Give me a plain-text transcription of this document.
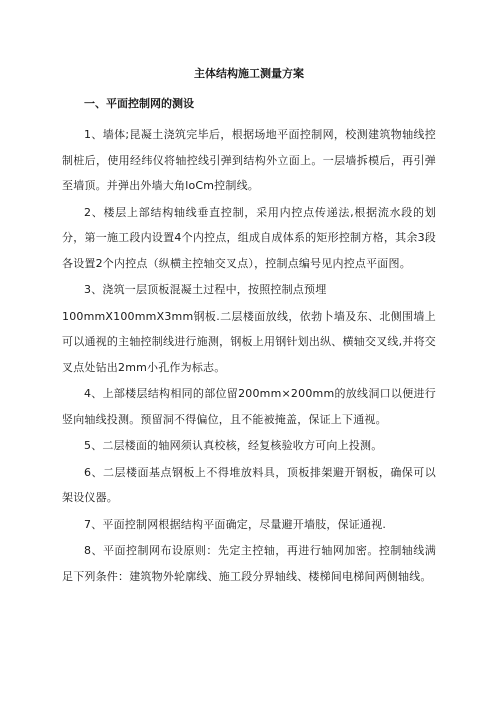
主体结构施工测量方案
一、平面控制网的测设

1、墙体;昆凝土浇筑完毕后，根据场地平面控制网，校测建筑物轴线控制桩后，使用经纬仪将轴控线引弹到结构外立面上。一层墙拆模后，再引弹至墙顶。并弹出外墙大角loCm控制线。

2、楼层上部结构轴线垂直控制，采用内控点传递法,根据流水段的划分，第一施工段内设置4个内控点，组成自成体系的矩形控制方格，其余3段各设置2个内控点（纵横主控轴交叉点），控制点编号见内控点平面图。

3、浇筑一层顶板混凝土过程中，按照控制点预埋

100mmX100mmX3mm钢板.二层楼面放线，依勃卜墙及东、北侧围墙上可以通视的主轴控制线进行施测，钢板上用钢针划出纵、横轴交叉线,并将交叉点处钻出2mm小孔作为标志。

4、上部楼层结构相同的部位留200mm×200mm的放线洞口以便进行竖向轴线投测。预留洞不得偏位，且不能被掩盖，保证上下通视。

5、二层楼面的轴网须认真校核，经复核验收方可向上投测。

6、二层楼面基点钢板上不得堆放料具，顶板排架避开钢板，确保可以架设仪器。

7、平面控制网根据结构平面确定，尽量避开墙肢，保证通视.

8、平面控制网布设原则：先定主控轴，再进行轴网加密。控制轴线满足下列条件：建筑物外轮廓线、施工段分界轴线、楼梯间电梯间两侧轴线。
